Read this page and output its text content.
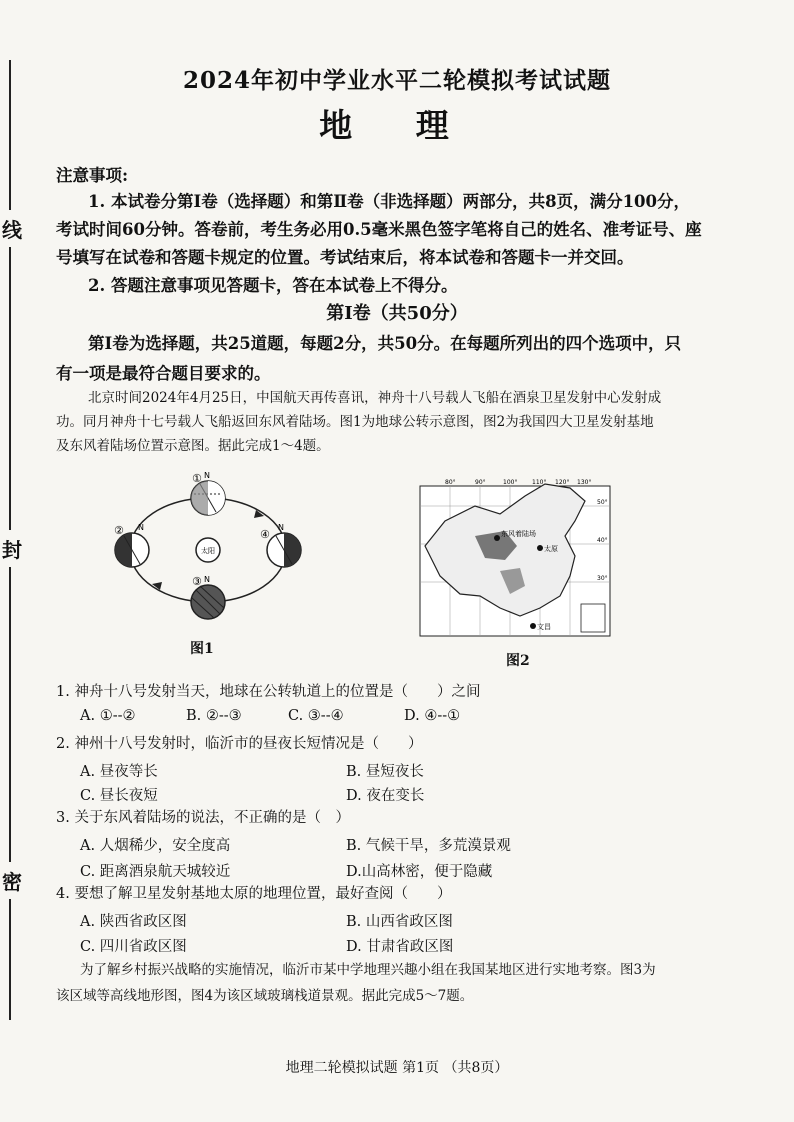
线
封
密
2024年初中学业水平二轮模拟考试试题
地 理
注意事项:
1. 本试卷分第Ⅰ卷（选择题）和第Ⅱ卷（非选择题）两部分，共8页，满分100分，
考试时间60分钟。答卷前，考生务必用0.5毫米黑色签字笔将自己的姓名、准考证号、座
号填写在试卷和答题卡规定的位置。考试结束后，将本试卷和答题卡一并交回。
2. 答题注意事项见答题卡，答在本试卷上不得分。
第Ⅰ卷（共50分）
第Ⅰ卷为选择题，共25道题，每题2分，共50分。在每题所列出的四个选项中，只
有一项是最符合题目要求的。
北京时间2024年4月25日，中国航天再传喜讯，神舟十八号载人飞船在酒泉卫星发射中心发射成
功。同月神舟十七号载人飞船返回东风着陆场。图1为地球公转示意图，图2为我国四大卫星发射基地
及东风着陆场位置示意图。据此完成1～4题。
太阳
① N
② N
③ N
④
N
图1
80°	90°	100° 110° 120° 130°
50°
40°
30°
东风着陆场
太原
文昌
图2
1. 神舟十八号发射当天，地球在公转轨道上的位置是（　　）之间
A. ①--②	B. ②--③	C. ③--④	D. ④--①
2. 神州十八号发射时，临沂市的昼夜长短情况是（　　）
A. 昼夜等长	B. 昼短夜长
C. 昼长夜短	D. 夜在变长
3. 关于东风着陆场的说法，不正确的是（　）
A. 人烟稀少，安全度高	B. 气候干旱，多荒漠景观
C. 距离酒泉航天城较近	D.山高林密，便于隐藏
4. 要想了解卫星发射基地太原的地理位置，最好查阅（　　）
A. 陕西省政区图	B. 山西省政区图
C. 四川省政区图	D. 甘肃省政区图
为了解乡村振兴战略的实施情况，临沂市某中学地理兴趣小组在我国某地区进行实地考察。图3为
该区域等高线地形图，图4为该区域玻璃栈道景观。据此完成5～7题。
地理二轮模拟试题 第1页 （共8页）
